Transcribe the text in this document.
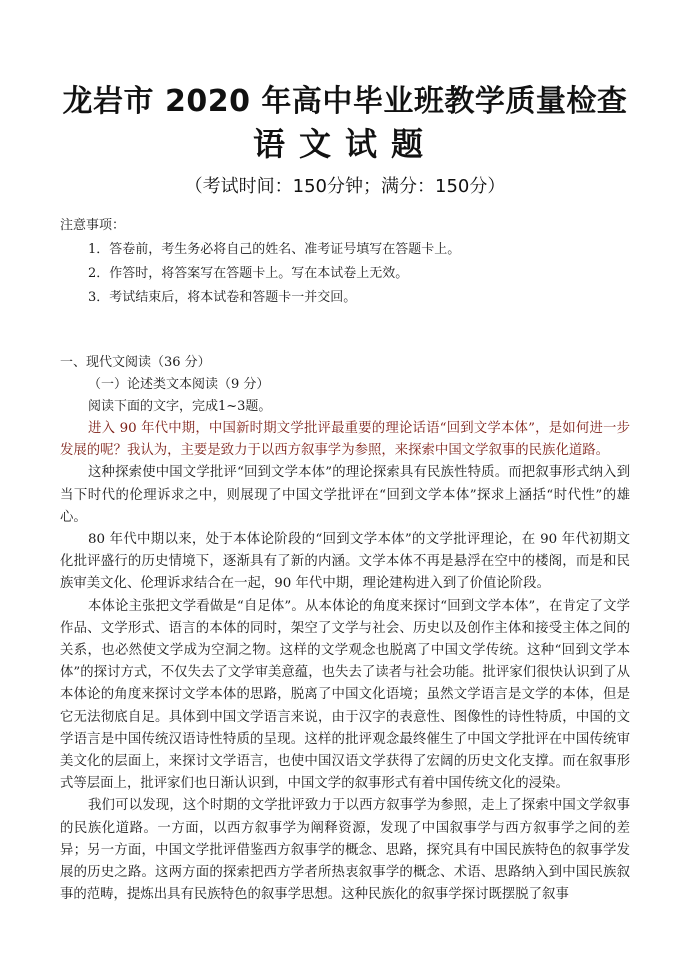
龙岩市 2020 年高中毕业班教学质量检查
语文试题

（考试时间：150分钟；满分：150分）

注意事项：

1．答卷前，考生务必将自己的姓名、准考证号填写在答题卡上。

2．作答时，将答案写在答题卡上。写在本试卷上无效。

3．考试结束后，将本试卷和答题卡一并交回。

一、现代文阅读（36 分）

（一）论述类文本阅读（9 分）

阅读下面的文字，完成1~3题。

进入 90 年代中期，中国新时期文学批评最重要的理论话语“回到文学本体”，是如何进一步发展的呢？我认为，主要是致力于以西方叙事学为参照，来探索中国文学叙事的民族化道路。

这种探索使中国文学批评“回到文学本体”的理论探索具有民族性特质。而把叙事形式纳入到当下时代的伦理诉求之中，则展现了中国文学批评在“回到文学本体”探求上涵括“时代性”的雄心。

80 年代中期以来，处于本体论阶段的“回到文学本体”的文学批评理论，在 90 年代初期文化批评盛行的历史情境下，逐渐具有了新的内涵。文学本体不再是悬浮在空中的楼阁，而是和民族审美文化、伦理诉求结合在一起，90 年代中期，理论建构进入到了价值论阶段。

本体论主张把文学看做是“自足体”。从本体论的角度来探讨“回到文学本体”，在肯定了文学作品、文学形式、语言的本体的同时，架空了文学与社会、历史以及创作主体和接受主体之间的关系，也必然使文学成为空洞之物。这样的文学观念也脱离了中国文学传统。这种“回到文学本体”的探讨方式，不仅失去了文学审美意蕴，也失去了读者与社会功能。批评家们很快认识到了从本体论的角度来探讨文学本体的思路，脱离了中国文化语境；虽然文学语言是文学的本体，但是它无法彻底自足。具体到中国文学语言来说，由于汉字的表意性、图像性的诗性特质，中国的文学语言是中国传统汉语诗性特质的呈现。这样的批评观念最终催生了中国文学批评在中国传统审美文化的层面上，来探讨文学语言，也使中国汉语文学获得了宏阔的历史文化支撑。而在叙事形式等层面上，批评家们也日渐认识到，中国文学的叙事形式有着中国传统文化的浸染。

我们可以发现，这个时期的文学批评致力于以西方叙事学为参照，走上了探索中国文学叙事的民族化道路。一方面，以西方叙事学为阐释资源，发现了中国叙事学与西方叙事学之间的差异；另一方面，中国文学批评借鉴西方叙事学的概念、思路，探究具有中国民族特色的叙事学发展的历史之路。这两方面的探索把西方学者所热衷叙事学的概念、术语、思路纳入到中国民族叙事的范畴，提炼出具有民族特色的叙事学思想。这种民族化的叙事学探讨既摆脱了叙事
